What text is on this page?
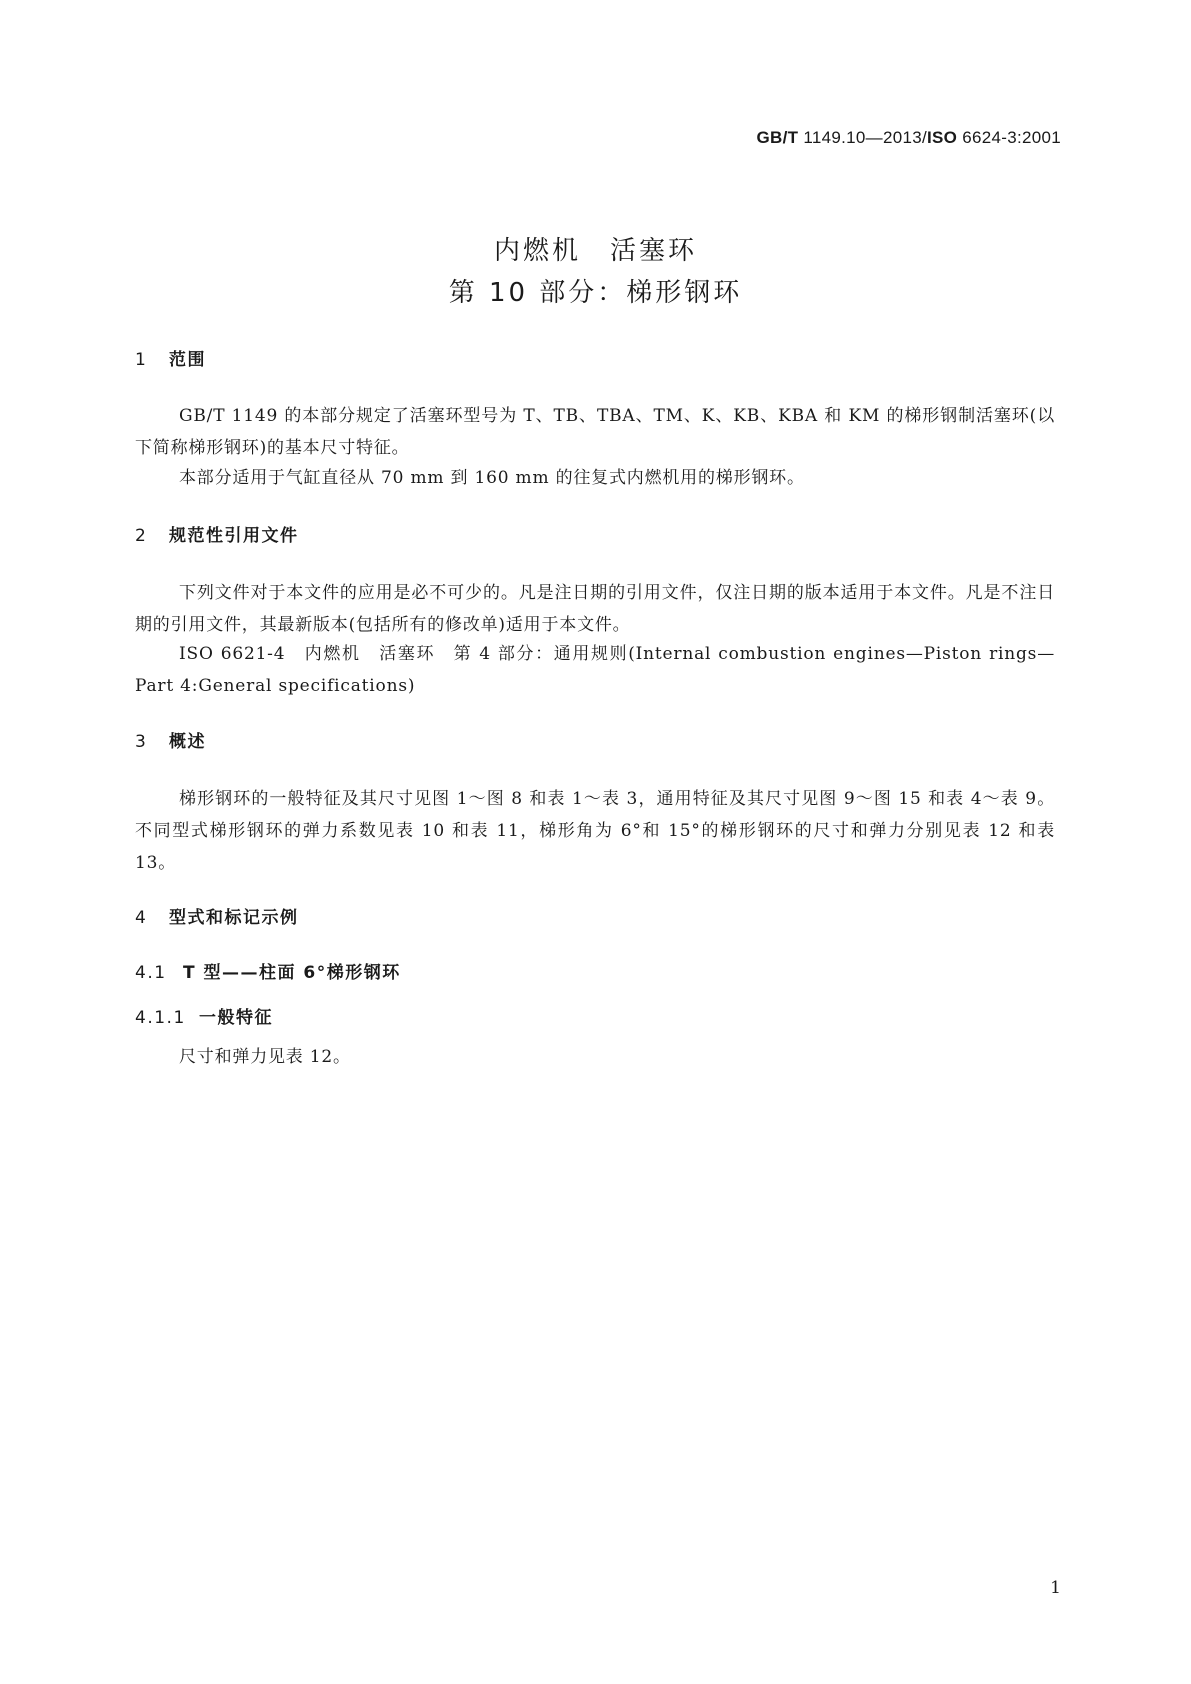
GB/T 1149.10—2013/ISO 6624-3:2001
内燃机　活塞环
第 10 部分：梯形钢环
1 范围
GB/T 1149 的本部分规定了活塞环型号为 T、TB、TBA、TM、K、KB、KBA 和 KM 的梯形钢制活塞环(以下简称梯形钢环)的基本尺寸特征。
本部分适用于气缸直径从 70 mm 到 160 mm 的往复式内燃机用的梯形钢环。
2 规范性引用文件
下列文件对于本文件的应用是必不可少的。凡是注日期的引用文件，仅注日期的版本适用于本文件。凡是不注日期的引用文件，其最新版本(包括所有的修改单)适用于本文件。
ISO 6621-4　内燃机　活塞环　第 4 部分：通用规则(Internal combustion engines—Piston rings—Part 4:General specifications)
3 概述
梯形钢环的一般特征及其尺寸见图 1～图 8 和表 1～表 3，通用特征及其尺寸见图 9～图 15 和表 4～表 9。不同型式梯形钢环的弹力系数见表 10 和表 11，梯形角为 6°和 15°的梯形钢环的尺寸和弹力分别见表 12 和表 13。
4 型式和标记示例
4.1 T 型——柱面 6°梯形钢环
4.1.1 一般特征
尺寸和弹力见表 12。
1
